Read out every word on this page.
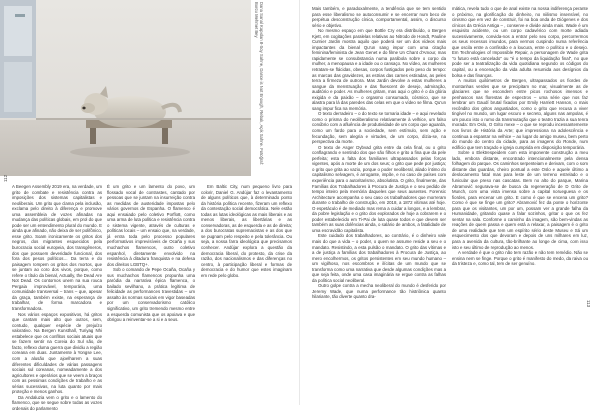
Dana Sanal Kapıdan 8-Soy Sahne, Dance is Not Enough, Rebalı, Açık Sahne. Fotoğraf: Burcu Mehmet Bey
112

A Beegen Assembly 2019 era, na verdade, um grito de combate e resistência contra as imposições dos sistemas capitalistas e neoliberais. Um grito que clama pela inclusão, exclama pelo direito à diferença e promove uma assembleia de vozes afinadas na mudança das políticas globais, em prol do que pode ser um entendimento plural do mundo. E ainda que afinado, não deixa de ser polifônico, esse grito. Soam ironicamente os gritos dos negros, dos migrantes esquecidos pela burocracia social europeia, dos transgêneros, dos que possuem deveridade funcional, dos fora dos pesos políticos… Da terra e do paisagem rompem os gritos dos mortos, que se juntam ao coro dos vivos, porque, como refere o título da bienal, Actually, the Dead Are Not Dead. Os contornos unem na sua rouca Pergaia improvável, temporária, uma comunidade transversal – trans – que, apesar da graça, também existe, na esperança de trabalhar, de forma marcadora e transformadora.

Nos vários espaços expositivos, há gritos que cantam mais alto que outros, sem, contudo, qualquer espécie de prejuízo valorativo. Na Bergen Kunsthall, Turiyag Nhi estabelece que os conflitos sociais atuais que se fazem sentir na Coreia do Sul são, de facto, reflexo duma guerra que dividiu a região coreana em duas. Juntamente à Yongse Lee, com a alusão que ajoelharem a suas diferentes dificuldades de várias passagens sociais sul coreanas, nomeadamente a dos agricultores e operários que se veem a braços com as pessimas condições de trabalho e as sérias sucessivas, na luta quanto por mais proteção e menos ganhos.

Da Andaluzia vem o grito e o lamento do flamenco, que se segue sobre todas as vozes ordenais do parlamento

É um grito e um lamento do povo, um flossado vocal de contrastes, cantado por pessoas que se juntam na insurreição contra as medidas de austeridade impostas pelo vários governos de Espanha. O flamenco é aqui ensaiado pelo coletivo Porflo8, como uma arma de luta política e resistência contra o sistema vigente, através de culturas e políticas locais – um ensaio que, na verdade, já entra toda pelo processo populares performativos imprevisíveis de Ocaña y sus muchachos flamencos, outro coletivo espanhol, diretamente envolvido na resistência à ditadura franquista e na defesa dos direitos LGBTQ+.

Sob o comando de Pepe Ocaña, Ocaña y sus muchachos flamencos propunha uma paródia da narrativa épica flamenca, o bailado sevilhano, a prática legítima de felicidade as performances travestidas – um assalto às normas sociais em vigor baseadas por um conservadorismo católico significativo, um grito tremendo mesmo entre a esquerda comunista que os apoiava e que obrigou a reinventar-se a si e a seus.

Em Baltic City, num pequeno livro para colorir, Daniel G. Andújar faz o levantamento de alguns políticos que, à determinado ponto da história política recente, fizeram um reflexo da contestação social democrática. Nele estão todas as lutas ideológicas as mais liberais e as menos liberais, as libertárias e as conservadoras, as de esquerda e as de direita; a dos burocratas supremacistas e as dos que se pugnam pelo respeito e pela tolerância. Ou seja, a nossa farra ideológica que precisamos conhecer. Andújar explora a questão da democracia liberal, do protesto, da crise da razão, dos nacionalismos e das diferenças no centro, à participação liberal e formas de democracia e do humor que estes imaginam em rede pelo globo.

Mais também, e paradoxalmente, a tendência que se tem sentido para esse liberalismo se autoconsumir e se encerrar num beco de perpétua desconstrução cínica, comportamental, assim, o discurso sério e objetivo.

No mesmo espaço em que Bottle Cry era distribuído, o Bergen Kjett, em cogitações paralelas relativas ao Nitrodo de Hondt, Pauline Curnier Jardin mostra aquilo que poderá ser um dos vídeos mais impactantes da bienal Qu'un sang impur com uma citação feminina/feminista de Jean Genet e do filme Un Chant d'Amour, mas rapidamente se consubstancia numa parábola sobre o corpo da mulher, a menopausa e a idade ou o cansaço. No vídeo, as mulheres retratam-se flácidas, obesas, corpos fustigados pelo peso do tempo: as marcas das gravidezes, as estrias das carnes estiradas, as peles terra a firmeza de outrora. Mas Jardin devolve a estas mulheres a sangue da menstruação e das fluescent de desejo, admiração, auditório e poder. As mulheres gritam, mas aqui o grito é o da glória exigida e da paixão – o orgasmo consumado, cósmico, que se alastra para lá das paredes das celas em que o vídeo se filma. Qu'un sang impur fica na memória.

O texto derradeiro – o do texto se tornaria idade – e aqui revelado como o prisma do neoliberalismo relativamente à velhice, um falso conúbrio com a afluência de produtividade de um corpo que aguarda, como um fardo para a sociedade, sem estímulo, sem ação e fecundação, sem alegria e virtudes, de um corpo, dizia-se, na perspectiva da morte.

O texto de Asger Dybvad grita entre da cela final, ou o grito conflagrando e sentindo dos que são filhos e grito a fina que da pele perfeita; esta a falta dos familiares ultrapassados pelas forças vigentes, após a morte de um dos seus; o grito que pede por justiça; o grito que grita ao vazio, porque o poder neoliberal, aliado íntimo do capitalismo selvagem, é arrogante, impõe, e no caso de países com experiência para o autoritarismo, absolutista. O grito, finalmente, das Famílias dos Trabalhadores à Procura de Justiça e o seu pedido de tempo inteiro pela memória daqueles que seus ausentes. Forensic Architecture acompanha o seu caso os trabalhadores que morreram durante o trabalho de construção, em 2018, a 1872 vítimas até hoje. O espetáculo é de mediado mas rema a cuidar a longos, e a lembrar, da pobre legislação e o grito dos explorados de hoje a cobrarem e o poder estabelecido em Ti-Pai de luta quase todos e que devem ser também as suas dolências ainda, o salário de ambos, a fatalidade de uma escravidão capitalista.

Este cuidado dos trabalhadores, ao contrário, é o dinheiro vale mais do que a vida – o poder, o quem se assume reside a seu e o mandato. Resistindo, a esta pulsão o mandato. O grito das vítimas e a de justiça a famílias dos trabalhadores à Procura de Justiça, ao mero encolhermos, os gritos persistentes em seu mundo humano – um vigilhoso, nos escombros e ilícitas de um mundo que se transforma como uma narrativa que desde algumas condições mas a que seja feita, onde uma casa imaginária se ergue contra as falhas da política social neoliberal.

Outro golpe contra a mecha neoliberal do mundo é desferido por Jeremy Wade, que numa performance tão histriônica quanto hilariante, tão diverte quanto dra-

mática, revela tudo o que de anal existe na nossa indiferença perante o próximo, na glorificação do dinheiro, no niilismo insensível, no cinismo que em vez de construir, foi na boa onda de Diógenes e dos cínicos da Grécia Antiga – , conserve e divide ainda mais. Wade é um esquisito acidente, ou um corpo cadavérico com morte adiada sucessivamente, convida-nos a entrar pelo seu corpo, percorrermos os seus recessos imundos, para vermos cuspindo numa referência que oscila entre a confissão e a loucura, entre o político e o desejo. Em Technologies of Impossible Repair, a personagem de Wade grita "o futuro está cancelado" ou "é o tempo da liquidação final", no que pode ser a teatralização da vida quotidiana segundo os códigos do capital, ou a encenação da vida adulta resumida aos desígnios da bolsa e das finanças.

A muitos quilómetros de Bergen, ultrapassados os fiordes de montanhas verdes que se precipitam no mar, visualmente as de glaciares que se escondem entre picos rochosos imensos e penhascos nas florestas de espectros – uma série que nos faz lembrar um Gaudí brutal fixados por Emily Harriett Hanson, o mais recôndito dos gritos angustiados, como o grito que recusa a viver tingível no mundo, um lugar escuro e secreto, alguns nas ampolas, é um pouco isto o rumo da transmutação que o teatro trazia a sua tenra morada: Em Oslo, O Grito mexe – o que se reprodu incessantemente nos livros de História da Arte; que impressiona na adolescência e continua a espantar na velhice – ao lugar do amigo museu, bem perto do mundo do centro da cidade, para as imagens do Ronde, num edifício que tem traçado e igreja cumprida em disposição temporária.

Sobre o Elektrespeidem com esta imponente construção a meu lado, embora distante, encontrado intencionalmente pela densa folhagem do parque. Os caminhos serpenteiam e derivam, com o som distante das guardas, cheiro pontual a este Oslo e aquele último a deslocamento fatal mas para leste de um terreno estrelado e o funicular que preso nas cascatas. Bem no alto do parque, Marina Abramović segurava-se de busca da regeneração de D Grito de Munch, com uma vista imensa sobre a capital norueguesa e os fiordes, para encenar um grito. E como é que se encena um grito? Como é que se finge um grito? Abramović fez da ponte o horizonte para que os visitantes, um por um, possam ver a grande falha da Humanidade, gritando quase a falar sozinhos, gritar o que os fez sentar na sala. Conforme o caminho da imagem, são bem-vindas as reações de quem passa e quem está a relaxar, a paisagem é o grito de uma realidade que tem um espírito sério deste Museu e Sá um esquecimento dos que devoram e depois de uns milhares em luz, para a avenida da cultura, tão-brilhante ao longe de cima, com isso isto e seu último de reprodução ao menos.

A verdade é que o grito não tem razão e não tem remédio. Não se ensina nem se finge. Porque o grito é manifesto do medo, da raiva ou da tristeza e, como tal, tem de ser genuíno.

113
